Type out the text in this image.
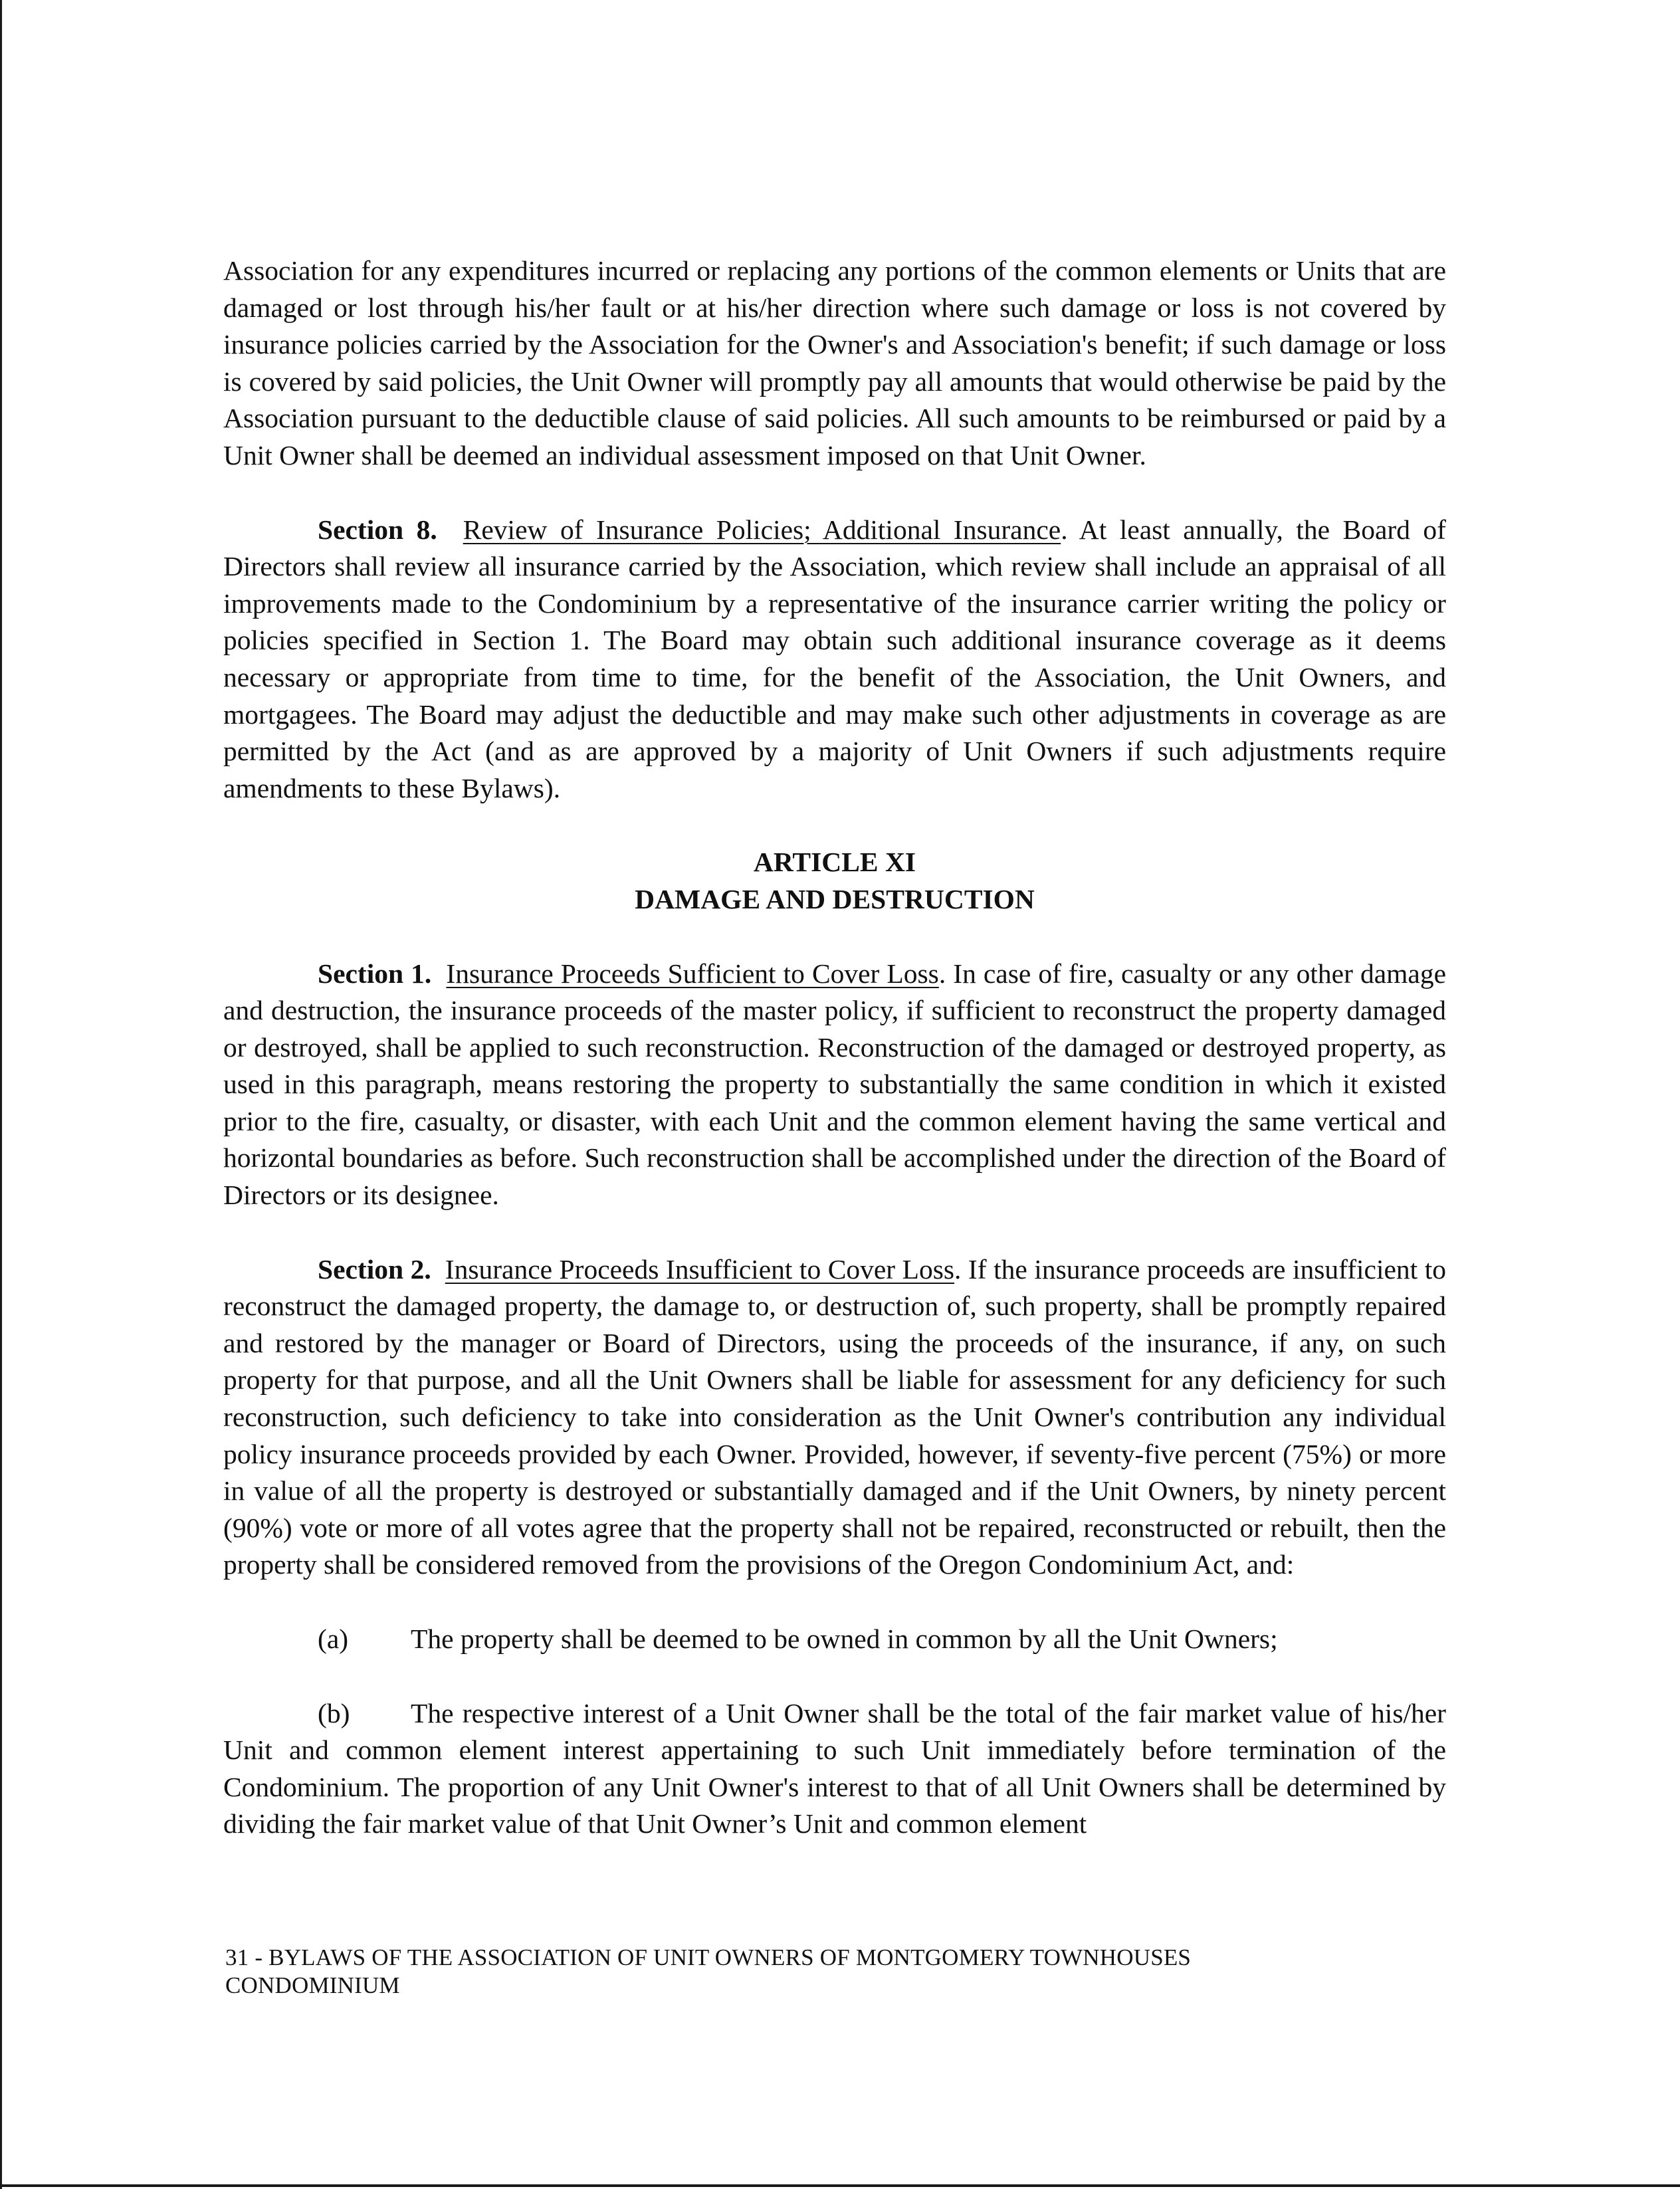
Association for any expenditures incurred or replacing any portions of the common elements or Units that are damaged or lost through his/her fault or at his/her direction where such damage or loss is not covered by insurance policies carried by the Association for the Owner's and Association's benefit; if such damage or loss is covered by said policies, the Unit Owner will promptly pay all amounts that would otherwise be paid by the Association pursuant to the deductible clause of said policies. All such amounts to be reimbursed or paid by a Unit Owner shall be deemed an individual assessment imposed on that Unit Owner.

Section 8. Review of Insurance Policies; Additional Insurance. At least annually, the Board of Directors shall review all insurance carried by the Association, which review shall include an appraisal of all improvements made to the Condominium by a representative of the insurance carrier writing the policy or policies specified in Section 1. The Board may obtain such additional insurance coverage as it deems necessary or appropriate from time to time, for the benefit of the Association, the Unit Owners, and mortgagees. The Board may adjust the deductible and may make such other adjustments in coverage as are permitted by the Act (and as are approved by a majority of Unit Owners if such adjustments require amendments to these Bylaws).

ARTICLE XI
DAMAGE AND DESTRUCTION

Section 1. Insurance Proceeds Sufficient to Cover Loss. In case of fire, casualty or any other damage and destruction, the insurance proceeds of the master policy, if sufficient to reconstruct the property damaged or destroyed, shall be applied to such reconstruction. Reconstruction of the damaged or destroyed property, as used in this paragraph, means restoring the property to substantially the same condition in which it existed prior to the fire, casualty, or disaster, with each Unit and the common element having the same vertical and horizontal boundaries as before. Such reconstruction shall be accomplished under the direction of the Board of Directors or its designee.

Section 2. Insurance Proceeds Insufficient to Cover Loss. If the insurance proceeds are insufficient to reconstruct the damaged property, the damage to, or destruction of, such property, shall be promptly repaired and restored by the manager or Board of Directors, using the proceeds of the insurance, if any, on such property for that purpose, and all the Unit Owners shall be liable for assessment for any deficiency for such reconstruction, such deficiency to take into consideration as the Unit Owner's contribution any individual policy insurance proceeds provided by each Owner. Provided, however, if seventy-five percent (75%) or more in value of all the property is destroyed or substantially damaged and if the Unit Owners, by ninety percent (90%) vote or more of all votes agree that the property shall not be repaired, reconstructed or rebuilt, then the property shall be considered removed from the provisions of the Oregon Condominium Act, and:

(a) The property shall be deemed to be owned in common by all the Unit Owners;

(b) The respective interest of a Unit Owner shall be the total of the fair market value of his/her Unit and common element interest appertaining to such Unit immediately before termination of the Condominium. The proportion of any Unit Owner's interest to that of all Unit Owners shall be determined by dividing the fair market value of that Unit Owner’s Unit and common element

31 - BYLAWS OF THE ASSOCIATION OF UNIT OWNERS OF MONTGOMERY TOWNHOUSES
CONDOMINIUM
